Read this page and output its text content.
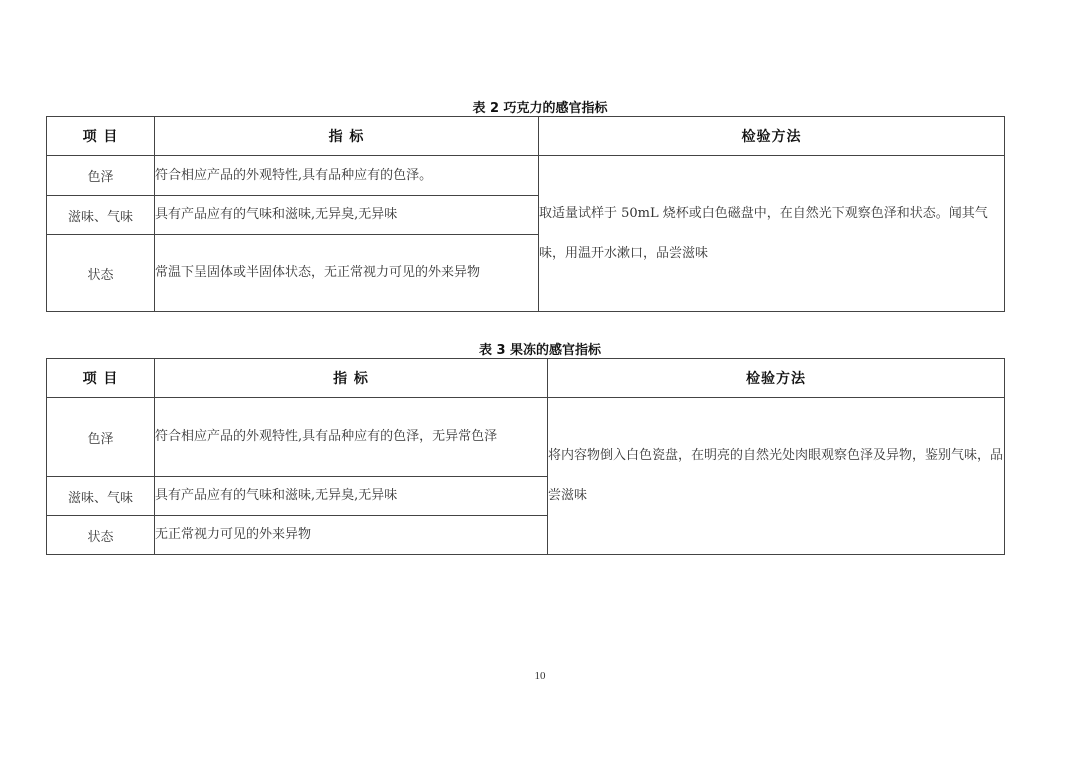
表 2 巧克力的感官指标
项 目	指 标	检验方法
色泽	符合相应产品的外观特性,具有品种应有的色泽。	取适量试样于 50mL 烧杯或白色磁盘中，在自然光下观察色泽和状态。闻其气味，用温开水漱口，品尝滋味
滋味、气味	具有产品应有的气味和滋味,无异臭,无异味	
状态	常温下呈固体或半固体状态，无正常视力可见的外来异物	
表 3 果冻的感官指标
项 目	指 标	检验方法
色泽	符合相应产品的外观特性,具有品种应有的色泽，无异常色泽	将内容物倒入白色瓷盘，在明亮的自然光处肉眼观察色泽及异物，鉴别气味，品尝滋味
滋味、气味	具有产品应有的气味和滋味,无异臭,无异味	
状态	无正常视力可见的外来异物	
10
